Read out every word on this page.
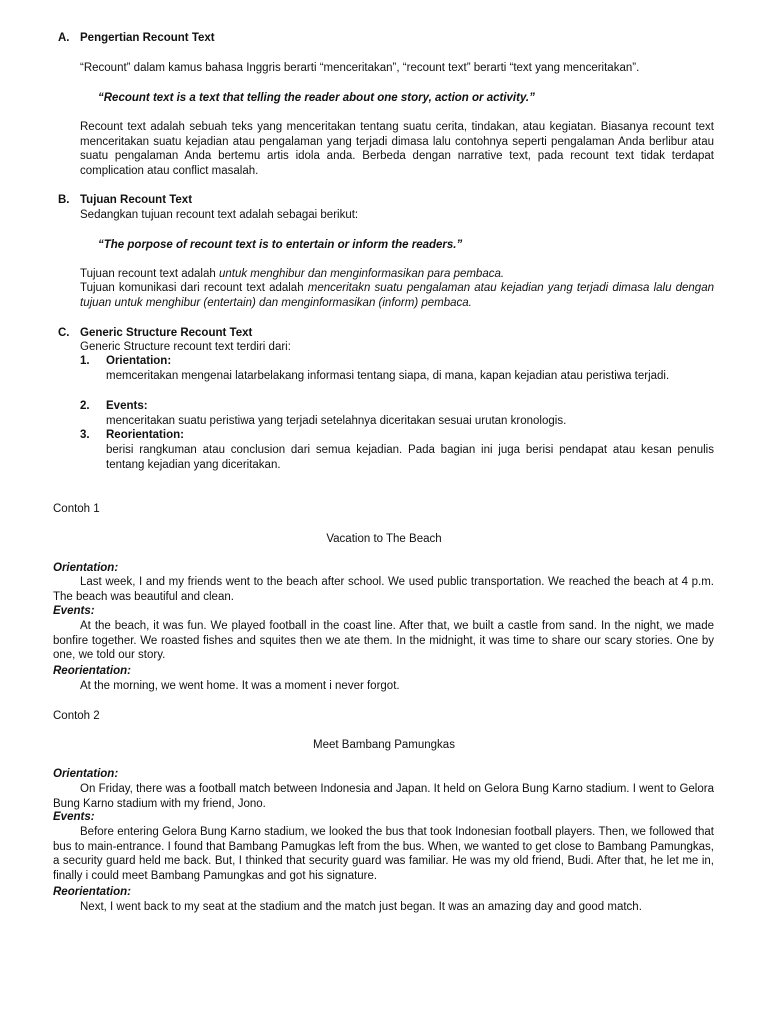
A. Pengertian Recount Text
“Recount” dalam kamus bahasa Inggris berarti “menceritakan”, “recount text” berarti “text yang menceritakan”.
“Recount text is a text that telling the reader about one story, action or activity.”
Recount text adalah sebuah teks yang menceritakan tentang suatu cerita, tindakan, atau kegiatan. Biasanya recount text menceritakan suatu kejadian atau pengalaman yang terjadi dimasa lalu contohnya seperti pengalaman Anda berlibur atau suatu pengalaman Anda bertemu artis idola anda. Berbeda dengan narrative text, pada recount text tidak terdapat complication atau conflict masalah.
B. Tujuan Recount Text
Sedangkan tujuan recount text adalah sebagai berikut:
“The porpose of recount text is to entertain or inform the readers.”
Tujuan recount text adalah untuk menghibur dan menginformasikan para pembaca.
Tujuan komunikasi dari recount text adalah menceritakn suatu pengalaman atau kejadian yang terjadi dimasa lalu dengan tujuan untuk menghibur (entertain) dan menginformasikan (inform) pembaca.
C. Generic Structure Recount Text
Generic Structure recount text terdiri dari:
1. Orientation:
memceritakan mengenai latarbelakang informasi tentang siapa, di mana, kapan kejadian atau peristiwa terjadi.
2. Events:
menceritakan suatu peristiwa yang terjadi setelahnya diceritakan sesuai urutan kronologis.
3. Reorientation:
berisi rangkuman atau conclusion dari semua kejadian. Pada bagian ini juga berisi pendapat atau kesan penulis tentang kejadian yang diceritakan.
Contoh 1
Vacation to The Beach
Orientation:
Last week, I and my friends went to the beach after school. We used public transportation. We reached the beach at 4 p.m. The beach was beautiful and clean.
Events:
At the beach, it was fun. We played football in the coast line. After that, we built a castle from sand. In the night, we made bonfire together. We roasted fishes and squites then we ate them. In the midnight, it was time to share our scary stories. One by one, we told our story.
Reorientation:
At the morning, we went home. It was a moment i never forgot.
Contoh 2
Meet Bambang Pamungkas
Orientation:
On Friday, there was a football match between Indonesia and Japan. It held on Gelora Bung Karno stadium. I went to Gelora Bung Karno stadium with my friend, Jono.
Events:
Before entering Gelora Bung Karno stadium, we looked the bus that took Indonesian football players. Then, we followed that bus to main-entrance. I found that Bambang Pamugkas left from the bus. When, we wanted to get close to Bambang Pamungkas, a security guard held me back. But, I thinked that security guard was familiar. He was my old friend, Budi. After that, he let me in, finally i could meet Bambang Pamungkas and got his signature.
Reorientation:
Next, I went back to my seat at the stadium and the match just began. It was an amazing day and good match.
